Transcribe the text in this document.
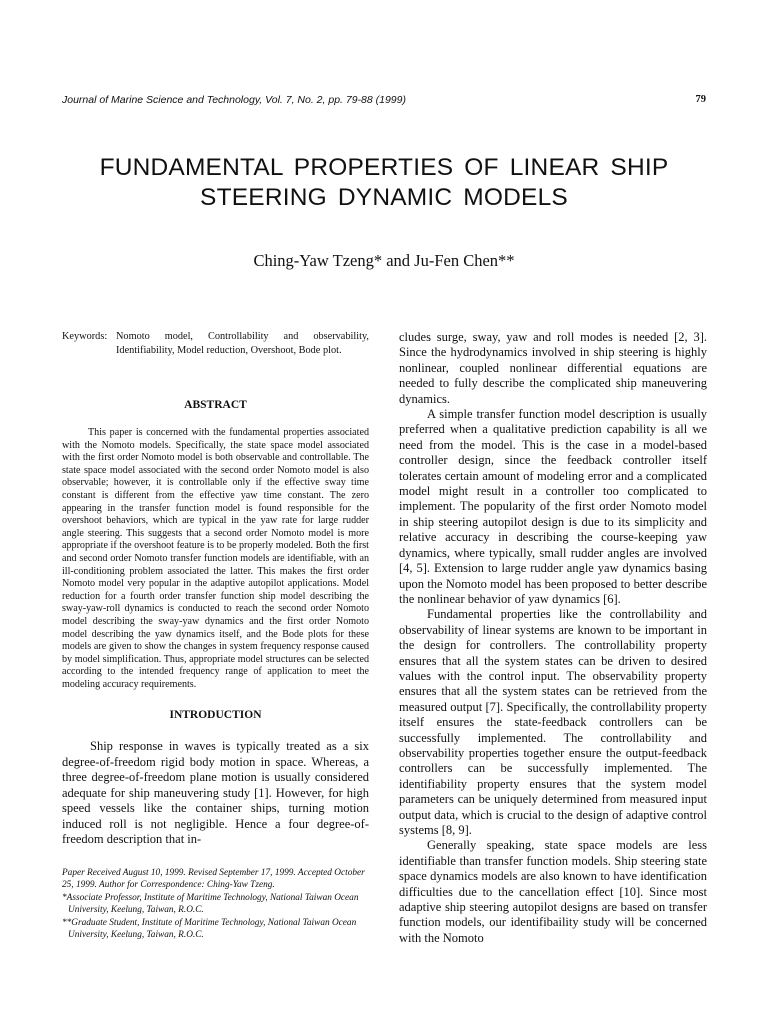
Journal of Marine Science and Technology, Vol. 7, No. 2, pp. 79-88 (1999)	79
FUNDAMENTAL PROPERTIES OF LINEAR SHIP
STEERING DYNAMIC MODELS
Ching-Yaw Tzeng* and Ju-Fen Chen**
Keywords: Nomoto model, Controllability and observability, Identifiability, Model reduction, Overshoot, Bode plot.
ABSTRACT

This paper is concerned with the fundamental properties associated with the Nomoto models. Specifically, the state space model associated with the first order Nomoto model is both observable and controllable. The state space model associated with the second order Nomoto model is also observable; however, it is controllable only if the effective sway time constant is different from the effective yaw time constant. The zero appearing in the transfer function model is found responsible for the overshoot behaviors, which are typical in the yaw rate for large rudder angle steering. This suggests that a second order Nomoto model is more appropriate if the overshoot feature is to be properly modeled. Both the first and second order Nomoto transfer function models are identifiable, with an ill-conditioning problem associated the latter. This makes the first order Nomoto model very popular in the adaptive autopilot applications. Model reduction for a fourth order transfer function ship model describing the sway-yaw-roll dynamics is conducted to reach the second order Nomoto model describing the sway-yaw dynamics and the first order Nomoto model describing the yaw dynamics itself, and the Bode plots for these models are given to show the changes in system frequency response caused by model simplification. Thus, appropriate model structures can be selected according to the intended frequency range of application to meet the modeling accuracy requirements.

INTRODUCTION

Ship response in waves is typically treated as a six degree-of-freedom rigid body motion in space. Whereas, a three degree-of-freedom plane motion is usually considered adequate for ship maneuvering study [1]. However, for high speed vessels like the container ships, turning motion induced roll is not negligible. Hence a four degree-of-freedom description that in-

Paper Received August 10, 1999. Revised September 17, 1999. Accepted October 25, 1999. Author for Correspondence: Ching-Yaw Tzeng.

*Associate Professor, Institute of Maritime Technology, National Taiwan Ocean University, Keelung, Taiwan, R.O.C.

**Graduate Student, Institute of Maritime Technology, National Taiwan Ocean University, Keelung, Taiwan, R.O.C.

cludes surge, sway, yaw and roll modes is needed [2, 3]. Since the hydrodynamics involved in ship steering is highly nonlinear, coupled nonlinear differential equations are needed to fully describe the complicated ship maneuvering dynamics.

A simple transfer function model description is usually preferred when a qualitative prediction capability is all we need from the model. This is the case in a model-based controller design, since the feedback controller itself tolerates certain amount of modeling error and a complicated model might result in a controller too complicated to implement. The popularity of the first order Nomoto model in ship steering autopilot design is due to its simplicity and relative accuracy in describing the course-keeping yaw dynamics, where typically, small rudder angles are involved [4, 5]. Extension to large rudder angle yaw dynamics basing upon the Nomoto model has been proposed to better describe the nonlinear behavior of yaw dynamics [6].

Fundamental properties like the controllability and observability of linear systems are known to be important in the design for controllers. The controllability property ensures that all the system states can be driven to desired values with the control input. The observability property ensures that all the system states can be retrieved from the measured output [7]. Specifically, the controllability property itself ensures the state-feedback controllers can be successfully implemented. The controllability and observability properties together ensure the output-feedback controllers can be successfully implemented. The identifiability property ensures that the system model parameters can be uniquely determined from measured input output data, which is crucial to the design of adaptive control systems [8, 9].

Generally speaking, state space models are less identifiable than transfer function models. Ship steering state space dynamics models are also known to have identification difficulties due to the cancellation effect [10]. Since most adaptive ship steering autopilot designs are based on transfer function models, our identifibaility study will be concerned with the Nomoto
